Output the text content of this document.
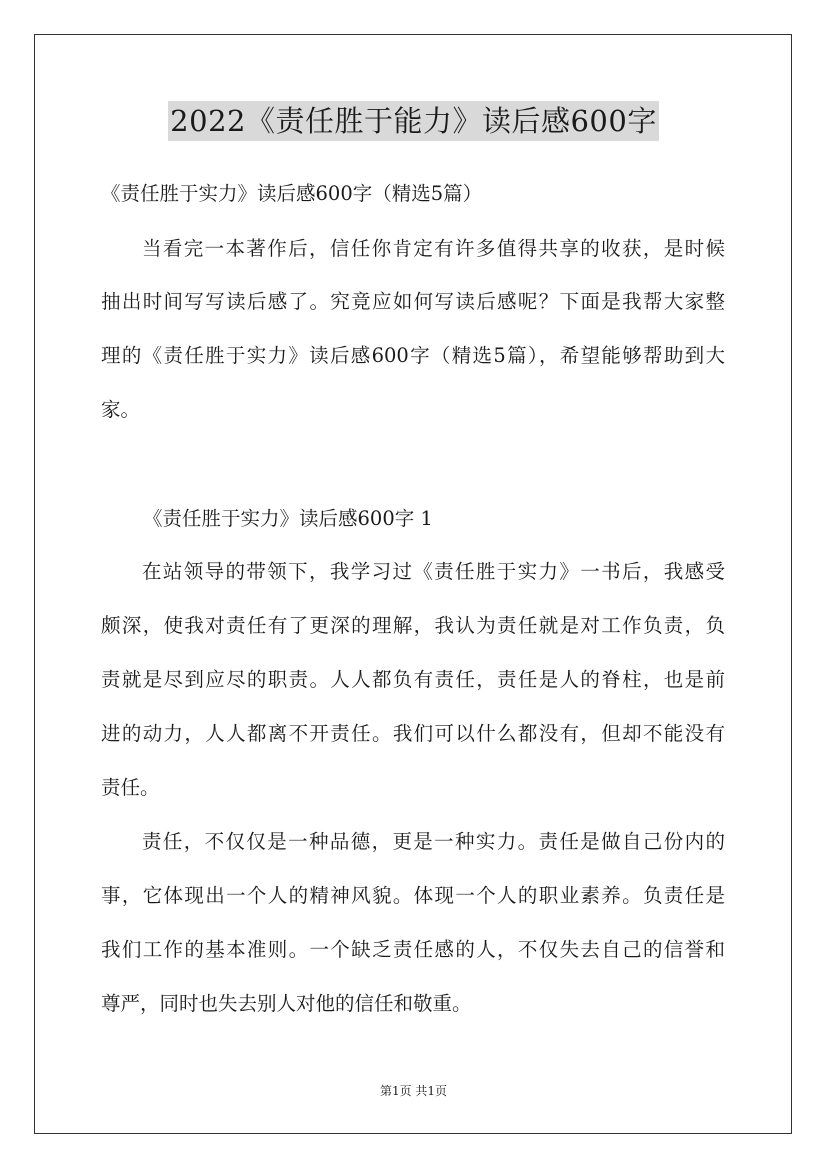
2022《责任胜于能力》读后感600字
《责任胜于实力》读后感600字（精选5篇）
当看完一本著作后，信任你肯定有许多值得共享的收获，是时候
抽出时间写写读后感了。究竟应如何写读后感呢？下面是我帮大家整
理的《责任胜于实力》读后感600字（精选5篇），希望能够帮助到大
家。
《责任胜于实力》读后感600字 1
在站领导的带领下，我学习过《责任胜于实力》一书后，我感受
颇深，使我对责任有了更深的理解，我认为责任就是对工作负责，负
责就是尽到应尽的职责。人人都负有责任，责任是人的脊柱，也是前
进的动力，人人都离不开责任。我们可以什么都没有，但却不能没有
责任。
责任，不仅仅是一种品德，更是一种实力。责任是做自己份内的
事，它体现出一个人的精神风貌。体现一个人的职业素养。负责任是
我们工作的基本准则。一个缺乏责任感的人，不仅失去自己的信誉和
尊严，同时也失去别人对他的信任和敬重。
第1页 共1页
